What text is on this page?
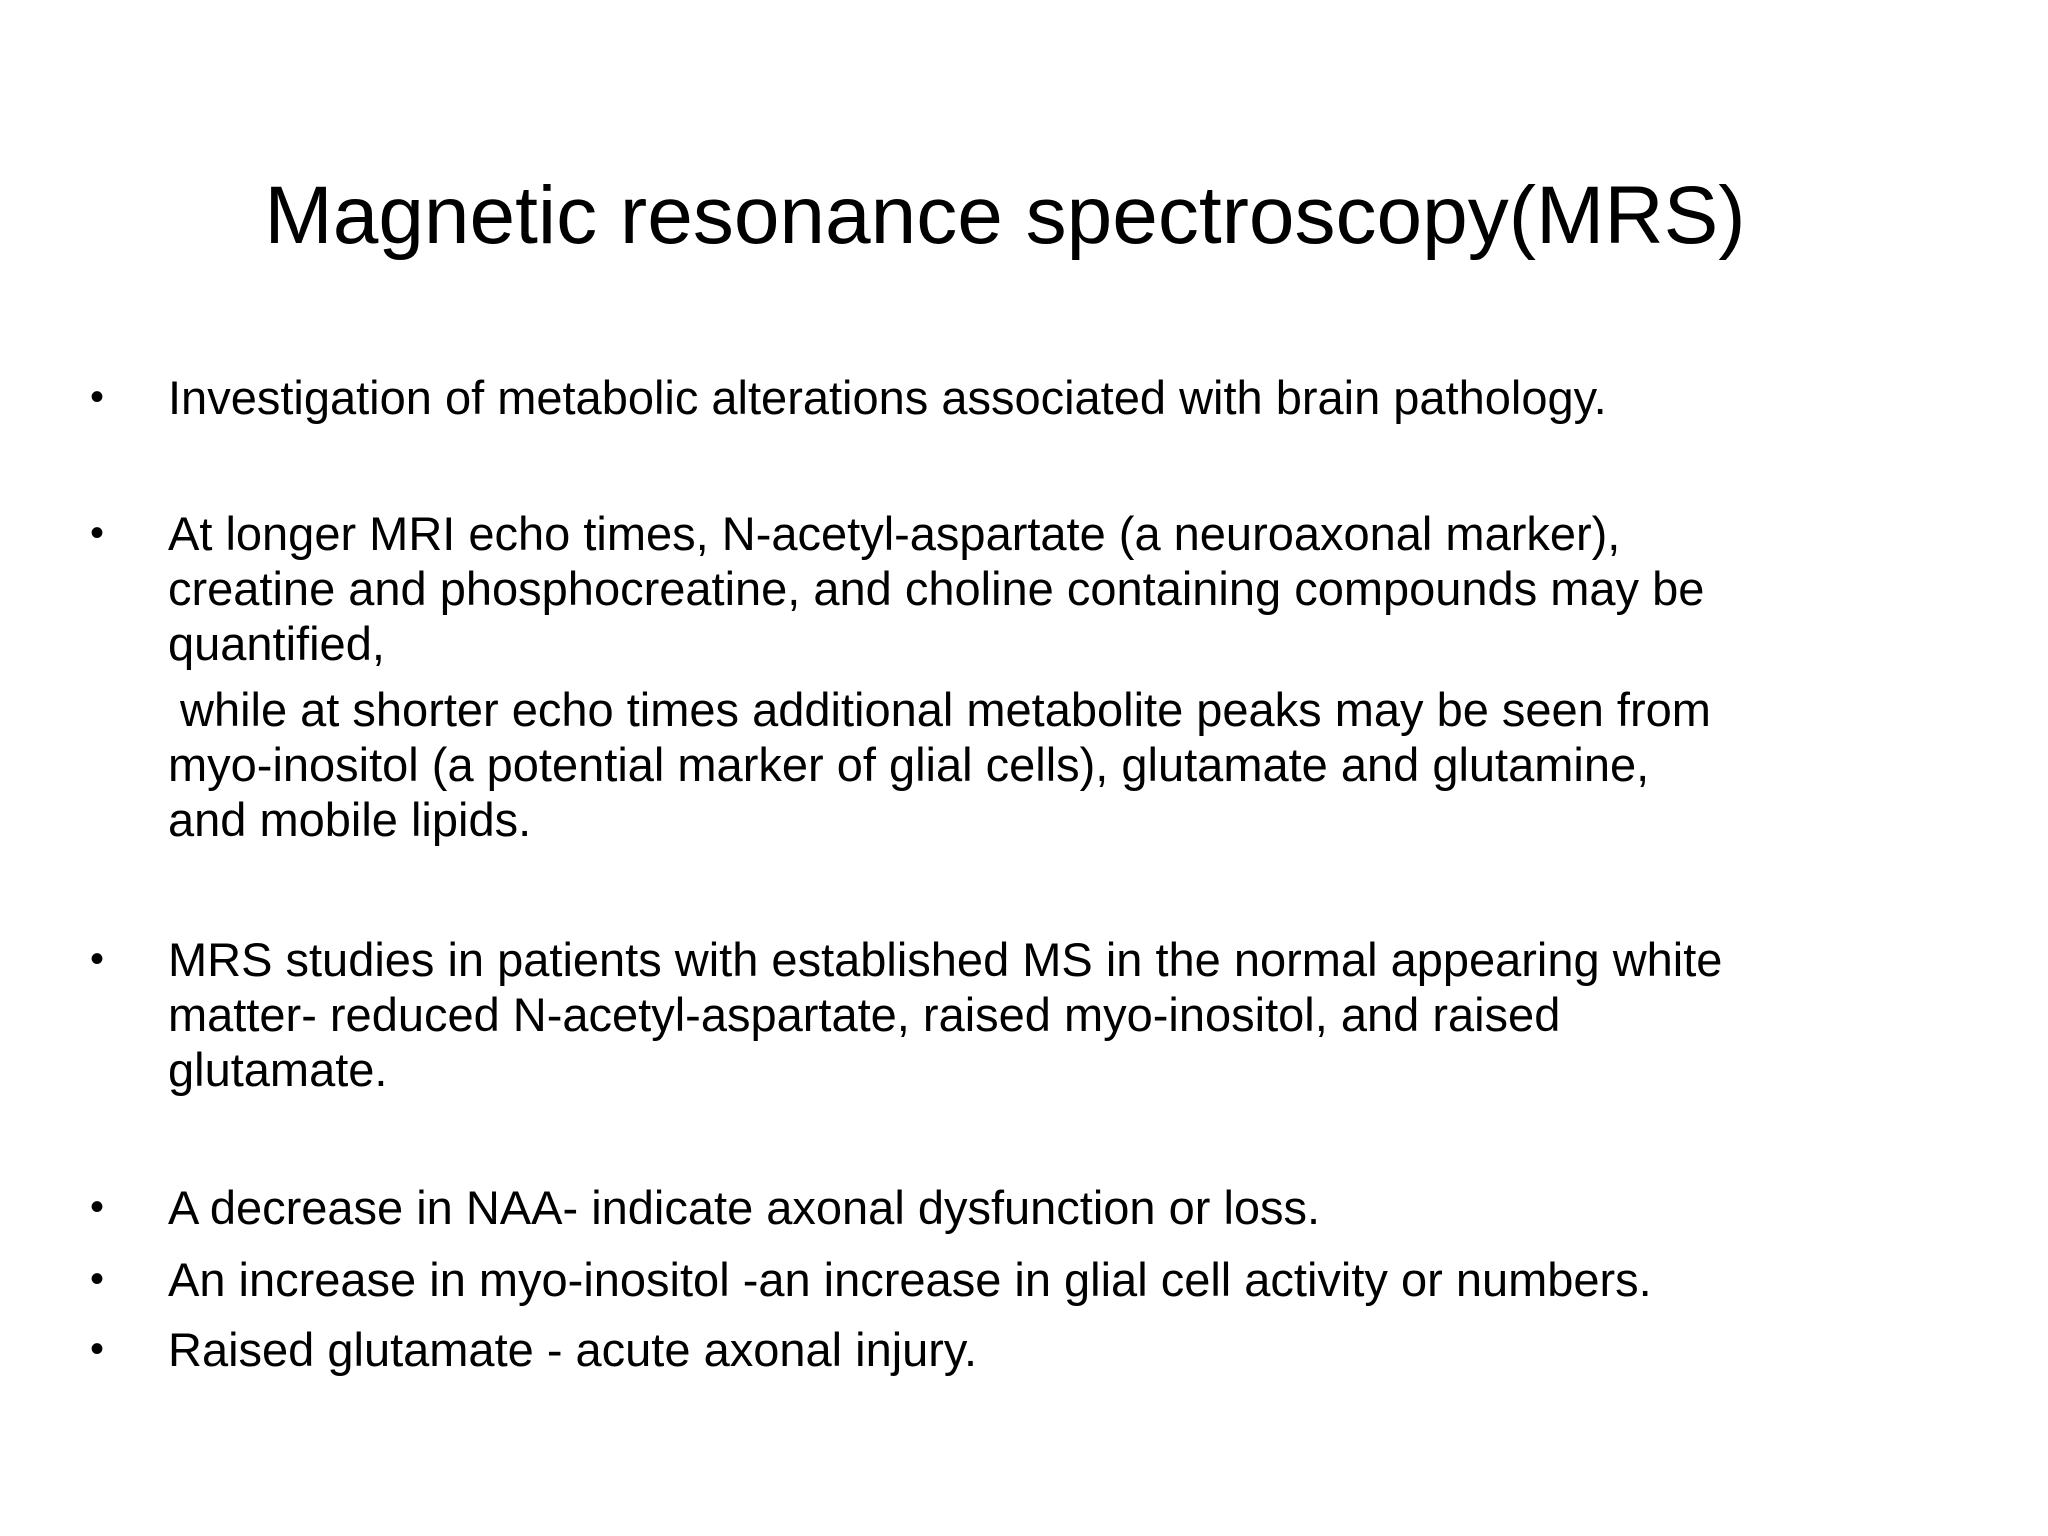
Magnetic resonance spectroscopy(MRS)
•	Investigation of metabolic alterations associated with brain pathology.
•	At longer MRI echo times, N-acetyl-aspartate (a neuroaxonal marker),
creatine and phosphocreatine, and choline containing compounds may be
quantified,
while at shorter echo times additional metabolite peaks may be seen from
myo-inositol (a potential marker of glial cells), glutamate and glutamine,
and mobile lipids.
•	MRS studies in patients with established MS in the normal appearing white
matter- reduced N-acetyl-aspartate, raised myo-inositol, and raised
glutamate.
•	A decrease in NAA- indicate axonal dysfunction or loss.
•	An increase in myo-inositol -an increase in glial cell activity or numbers.
•	Raised glutamate - acute axonal injury.
